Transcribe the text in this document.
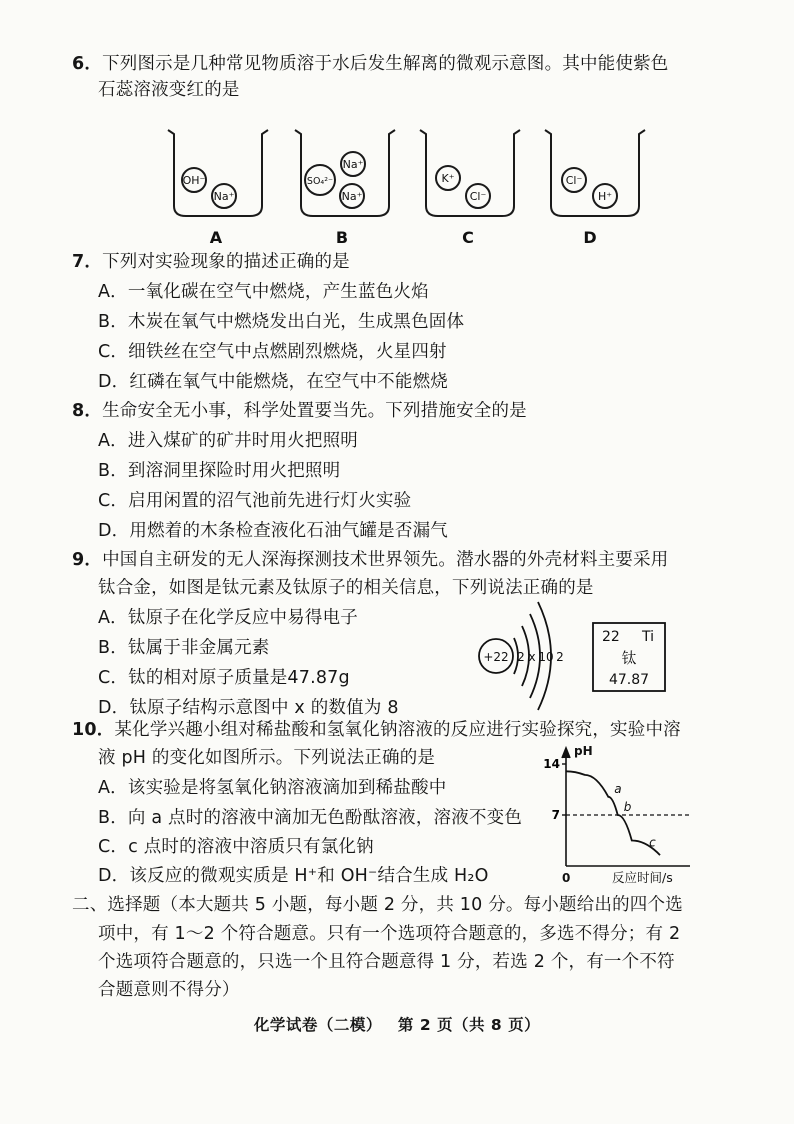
6．下列图示是几种常见物质溶于水后发生解离的微观示意图。其中能使紫色
石蕊溶液变红的是
OH⁻
Na⁺
SO₄²⁻
Na⁺
Na⁺
K⁺
Cl⁻
Cl⁻
H⁺
A	B	C	D
7．下列对实验现象的描述正确的是
A．一氧化碳在空气中燃烧，产生蓝色火焰
B．木炭在氧气中燃烧发出白光，生成黑色固体
C．细铁丝在空气中点燃剧烈燃烧，火星四射
D．红磷在氧气中能燃烧，在空气中不能燃烧
8．生命安全无小事，科学处置要当先。下列措施安全的是
A．进入煤矿的矿井时用火把照明
B．到溶洞里探险时用火把照明
C．启用闲置的沼气池前先进行灯火实验
D．用燃着的木条检查液化石油气罐是否漏气
9．中国自主研发的无人深海探测技术世界领先。潜水器的外壳材料主要采用
钛合金，如图是钛元素及钛原子的相关信息，下列说法正确的是
A．钛原子在化学反应中易得电子
B．钛属于非金属元素
C．钛的相对原子质量是47.87g
D．钛原子结构示意图中 x 的数值为 8
+22 2 x 10 2
22 Ti
钛
47.87
10．某化学兴趣小组对稀盐酸和氢氧化钠溶液的反应进行实验探究，实验中溶
液 pH 的变化如图所示。下列说法正确的是
A．该实验是将氢氧化钠溶液滴加到稀盐酸中
B．向 a 点时的溶液中滴加无色酚酞溶液，溶液不变色
C．c 点时的溶液中溶质只有氯化钠
D．该反应的微观实质是 H⁺和 OH⁻结合生成 H₂O
14
7
a
b
c
pH
0	反应时间/s
二、选择题（本大题共 5 小题，每小题 2 分，共 10 分。每小题给出的四个选
项中，有 1～2 个符合题意。只有一个选项符合题意的，多选不得分；有 2
个选项符合题意的，只选一个且符合题意得 1 分，若选 2 个，有一个不符
合题意则不得分）
化学试卷（二模） 第 2 页（共 8 页）
